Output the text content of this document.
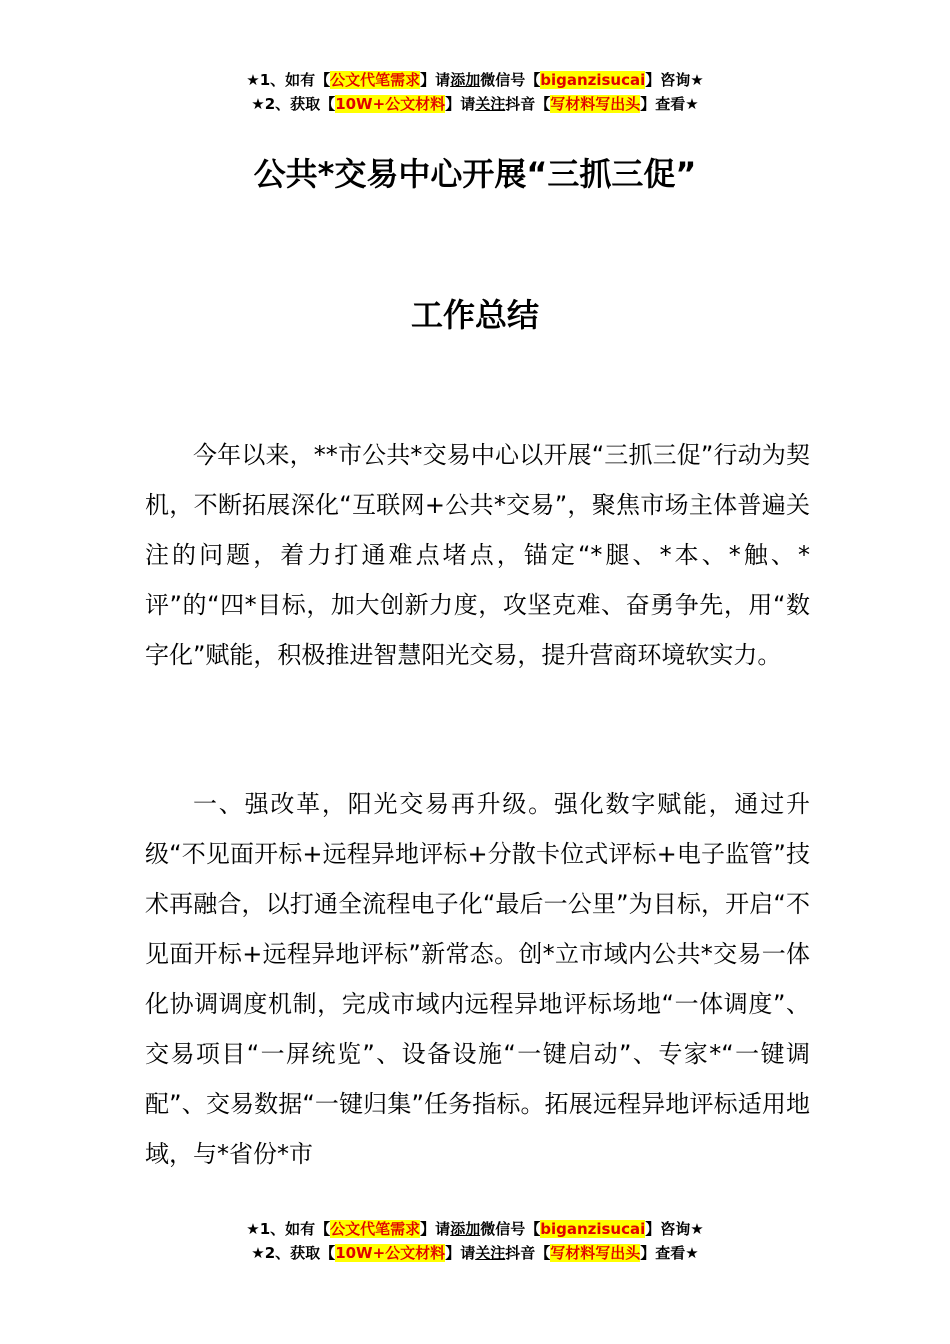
★1、如有【公文代笔需求】请添加微信号【biganzisucai】咨询★
★2、获取【10W+公文材料】请关注抖音【写材料写出头】查看★
公共*交易中心开展“三抓三促”
工作总结

今年以来，**市公共*交易中心以开展“三抓三促”行动为契机，不断拓展深化“互联网+公共*交易”，聚焦市场主体普遍关注的问题，着力打通难点堵点，锚定“*腿、*本、*触、*评”的“四*目标，加大创新力度，攻坚克难、奋勇争先，用“数字化”赋能，积极推进智慧阳光交易，提升营商环境软实力。

一、强改革，阳光交易再升级。强化数字赋能，通过升级“不见面开标+远程异地评标+分散卡位式评标+电子监管”技术再融合，以打通全流程电子化“最后一公里”为目标，开启“不见面开标+远程异地评标”新常态。创*立市域内公共*交易一体化协调调度机制，完成市域内远程异地评标场地“一体调度”、交易项目“一屏统览”、设备设施“一键启动”、专家*“一键调配”、交易数据“一键归集”任务指标。拓展远程异地评标适用地域，与*省份*市

★1、如有【公文代笔需求】请添加微信号【biganzisucai】咨询★
★2、获取【10W+公文材料】请关注抖音【写材料写出头】查看★
